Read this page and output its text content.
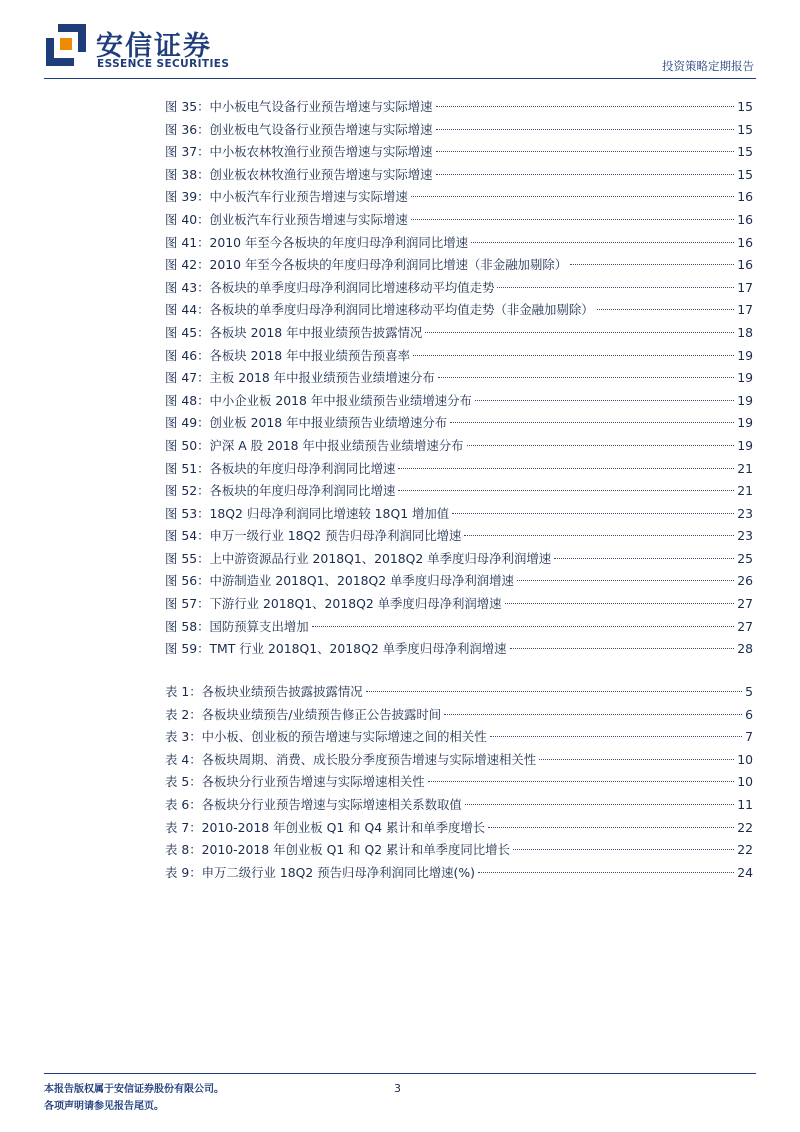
安信证券
ESSENCE SECURITIES	投资策略定期报告
图 35：中小板电气设备行业预告增速与实际增速	15
图 36：创业板电气设备行业预告增速与实际增速	15
图 37：中小板农林牧渔行业预告增速与实际增速	15
图 38：创业板农林牧渔行业预告增速与实际增速	15
图 39：中小板汽车行业预告增速与实际增速	16
图 40：创业板汽车行业预告增速与实际增速	16
图 41：2010 年至今各板块的年度归母净利润同比增速	16
图 42：2010 年至今各板块的年度归母净利润同比增速（非金融加剔除）	16
图 43：各板块的单季度归母净利润同比增速移动平均值走势	17
图 44：各板块的单季度归母净利润同比增速移动平均值走势（非金融加剔除）	17
图 45：各板块 2018 年中报业绩预告披露情况	18
图 46：各板块 2018 年中报业绩预告预喜率	19
图 47：主板 2018 年中报业绩预告业绩增速分布	19
图 48：中小企业板 2018 年中报业绩预告业绩增速分布	19
图 49：创业板 2018 年中报业绩预告业绩增速分布	19
图 50：沪深 A 股 2018 年中报业绩预告业绩增速分布	19
图 51：各板块的年度归母净利润同比增速	21
图 52：各板块的年度归母净利润同比增速	21
图 53：18Q2 归母净利润同比增速较 18Q1 增加值	23
图 54：申万一级行业 18Q2 预告归母净利润同比增速	23
图 55：上中游资源品行业 2018Q1、2018Q2 单季度归母净利润增速	25
图 56：中游制造业 2018Q1、2018Q2 单季度归母净利润增速	26
图 57：下游行业 2018Q1、2018Q2 单季度归母净利润增速	27
图 58：国防预算支出增加	27
图 59：TMT 行业 2018Q1、2018Q2 单季度归母净利润增速	28
表 1：各板块业绩预告披露披露情况	5
表 2：各板块业绩预告/业绩预告修正公告披露时间	6
表 3：中小板、创业板的预告增速与实际增速之间的相关性	7
表 4：各板块周期、消费、成长股分季度预告增速与实际增速相关性	10
表 5：各板块分行业预告增速与实际增速相关性	10
表 6：各板块分行业预告增速与实际增速相关系数取值	11
表 7：2010-2018 年创业板 Q1 和 Q4 累计和单季度增长	22
表 8：2010-2018 年创业板 Q1 和 Q2 累计和单季度同比增长	22
表 9：申万二级行业 18Q2 预告归母净利润同比增速(%)	24
本报告版权属于安信证券股份有限公司。
各项声明请参见报告尾页。
3
